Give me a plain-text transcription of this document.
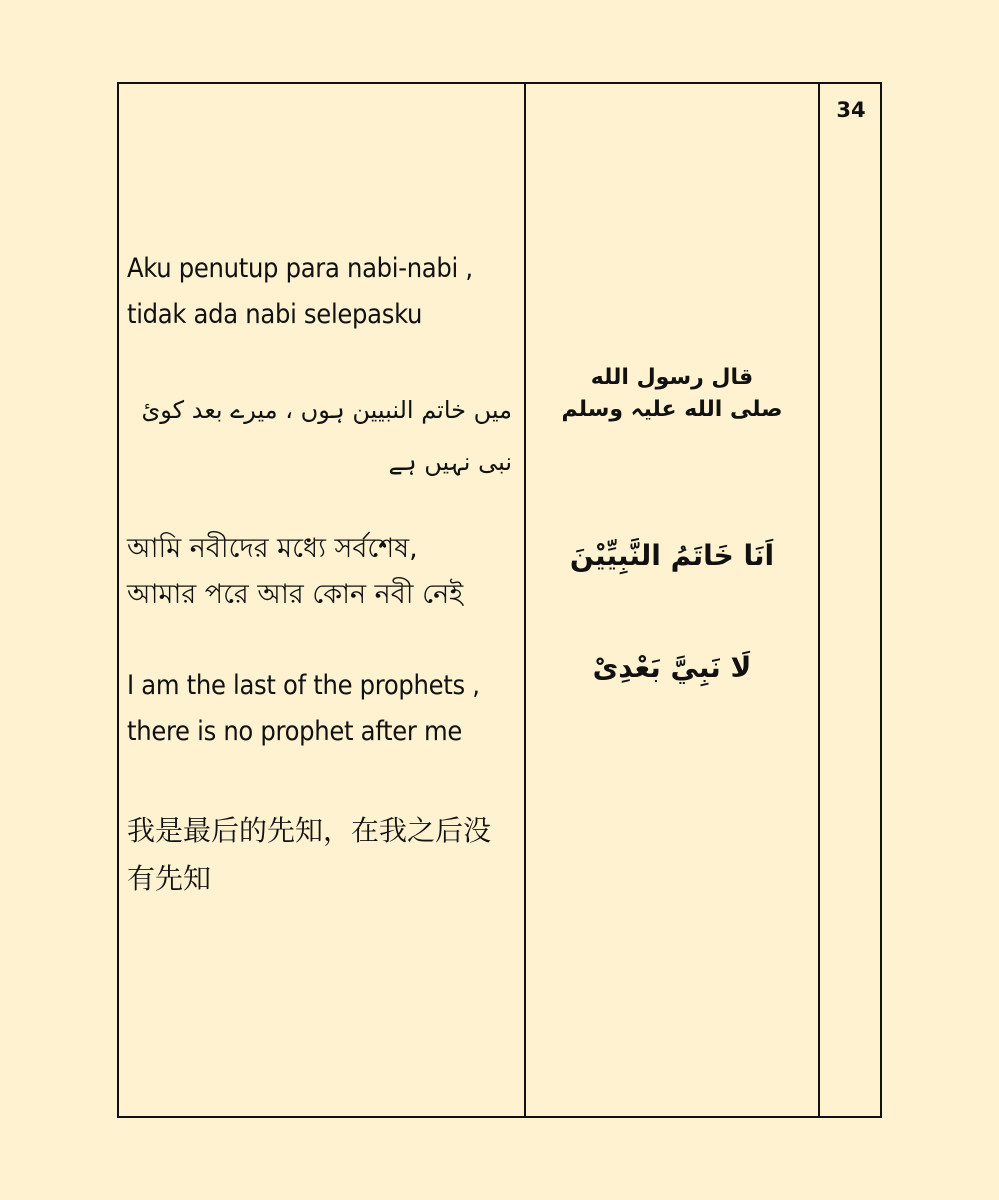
34
Aku penutup para nabi-nabi ,
tidak ada nabi selepasku
میں خاتم النبیین ہوں ، میرے بعد کوئ نبی نہیں ہے
আমি নবীদের মধ্যে সর্বশেষ, আমার পরে আর কোন নবী নেই
I am the last of the prophets ,
there is no prophet after me
我是最后的先知，在我之后没有先知
قال رسول الله
صلى الله عليہ وسلم
اَنَا خَاتَمُ النَّبِيِّيْنَ
لَا نَبِيَّ بَعْدِىْ
